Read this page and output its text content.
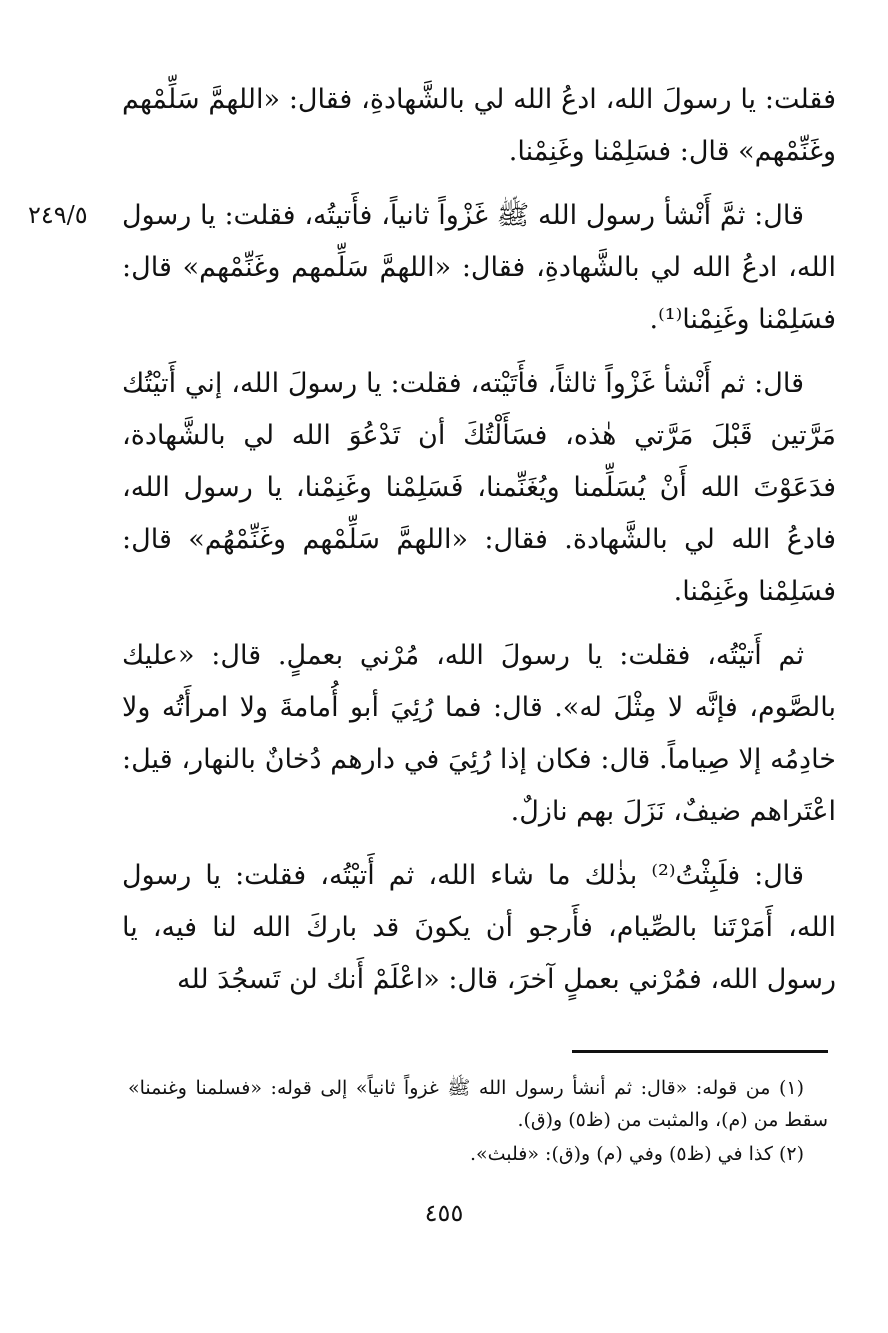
٢٤٩/٥

فقلت: يا رسولَ الله، ادعُ الله لي بالشَّهادةِ، فقال: «اللهمَّ سَلِّمْهم وغَنِّمْهم» قال: فسَلِمْنا وغَنِمْنا.

قال: ثمَّ أَنْشأ رسول الله ﷺ غَزْواً ثانياً، فأَتيتُه، فقلت: يا رسول الله، ادعُ الله لي بالشَّهادةِ، فقال: «اللهمَّ سَلِّمهم وغَنِّمْهم» قال: فسَلِمْنا وغَنِمْنا⁽¹⁾.

قال: ثم أَنْشأ غَزْواً ثالثاً، فأَتَيْته، فقلت: يا رسولَ الله، إني أَتيْتُك مَرَّتين قَبْلَ مَرَّتي هٰذه، فسَأَلْتُكَ أن تَدْعُوَ الله لي بالشَّهادة، فدَعَوْتَ الله أَنْ يُسَلِّمنا ويُغَنِّمنا، فَسَلِمْنا وغَنِمْنا، يا رسول الله، فادعُ الله لي بالشَّهادة. فقال: «اللهمَّ سَلِّمْهم وغَنِّمْهُم» قال: فسَلِمْنا وغَنِمْنا.

ثم أَتيْتُه، فقلت: يا رسولَ الله، مُرْني بعملٍ. قال: «عليك بالصَّوم، فإنَّه لا مِثْلَ له». قال: فما رُئِيَ أبو أُمامةَ ولا امرأَتُه ولا خادِمُه إلا صِياماً. قال: فكان إذا رُئِيَ في دارهم دُخانٌ بالنهار، قيل: اعْتَراهم ضيفٌ، نَزَلَ بهم نازلٌ.

قال: فلَبِثْتُ⁽²⁾ بذٰلك ما شاء الله، ثم أَتيْتُه، فقلت: يا رسول الله، أَمَرْتَنا بالصِّيام، فأَرجو أن يكونَ قد باركَ الله لنا فيه، يا رسول الله، فمُرْني بعملٍ آخرَ، قال: «اعْلَمْ أَنك لن تَسجُدَ لله

(١) من قوله: «قال: ثم أنشأ رسول الله ﷺ غزواً ثانياً» إلى قوله: «فسلمنا وغنمنا» سقط من (م)، والمثبت من (ظ٥) و(ق).

(٢) كذا في (ظ٥) وفي (م) و(ق): «فلبث».

٤٥٥
